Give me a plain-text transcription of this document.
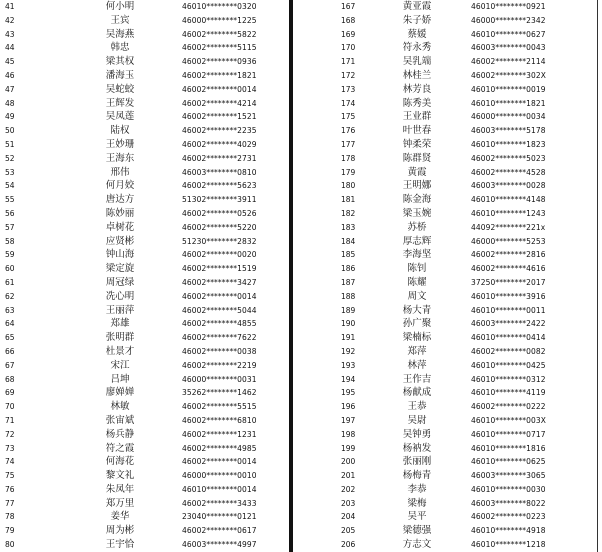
41	何小明	46010********0320
42	王宾	46000********1225
43	吴海燕	46002********5822
44	韩忠	46002********5115
45	梁其权	46002********0936
46	潘海玉	46002********1821
47	吴蛇蛟	46002********0014
48	王辉发	46002********4214
49	吴凤莲	46002********1521
50	陆权	46002********2235
51	王妙珊	46002********4029
52	王海东	46002********2731
53	邢伟	46003********0810
54	何月姣	46002********5623
55	唐达方	51302********3911
56	陈妙丽	46002********0526
57	卓树花	46002********5220
58	应贤彬	51230********2832
59	钟山海	46002********0020
60	梁定旋	46002********1519
61	周冠绿	46002********3427
62	冼心明	46002********0014
63	王丽萍	46002********5044
64	郑雄	46002********4855
65	张明群	46002********7622
66	杜景才	46002********0038
67	宋江	46002********2219
68	吕坤	46000********0031
69	廖婵婵	35262********1462
70	林敏	46002********5515
71	张宙斌	46002********6810
72	杨兵静	46002********1231
73	符之霞	46002********4985
74	何海花	46002********0014
75	黎文礼	46000********0010
76	朱凤年	46010********0014
77	郑万里	46002********3433
78	姜华	23040********0121
79	周为彬	46002********0617
80	王宇恰	46003********4997
167	黄亚霞	46010********0921
168	朱子娇	46000********2342
169	蔡媛	46010********0627
170	符永秀	46003********0043
171	吴乳端	46002********2114
172	林桂兰	46002********302X
173	林芳良	46010********0019
174	陈秀美	46010********1821
175	王业群	46000********0034
176	叶世春	46003********5178
177	钟柔荣	46010********1823
178	陈群贤	46002********5023
179	黄霞	46002********4528
180	王明娜	46003********0028
181	陈金海	46010********4148
182	梁玉婉	46010********1243
183	苏桥	44092********221x
184	厚志辉	46000********5253
185	李海坚	46002********2816
186	陈钊	46002********4616
187	陈耀	37250********2017
188	周文	46010********3916
189	杨大青	46010********0011
190	孙广聚	46003********2422
191	梁楠标	46010********0414
192	郑萍	46002********0082
193	林萍	46010********0425
194	王作吉	46010********0312
195	杨献成	46010********4119
196	王恭	46002********0222
197	吴尉	46010********003X
198	吴钟勇	46010********0717
199	杨衲发	46010********1816
200	张丽刚	46010********0625
201	杨梅青	46003********3065
202	李恭	46010********0030
203	梁梅	46003********8022
204	吴平	46002********0223
205	梁德强	46010********4918
206	方志文	46010********1218
